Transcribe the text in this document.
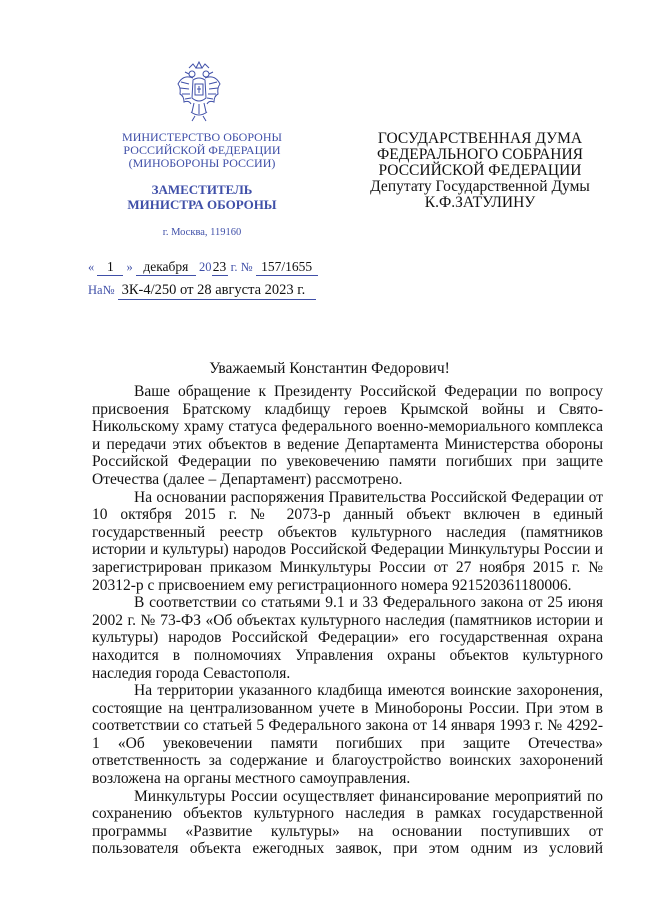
МИНИСТЕРСТВО ОБОРОНЫ
РОССИЙСКОЙ ФЕДЕРАЦИИ
(МИНОБОРОНЫ РОССИИ)
ЗАМЕСТИТЕЛЬ
МИНИСТРА ОБОРОНЫ
г. Москва, 119160
ГОСУДАРСТВЕННАЯ ДУМА
ФЕДЕРАЛЬНОГО СОБРАНИЯ
РОССИЙСКОЙ ФЕДЕРАЦИИ
Депутату Государственной Думы
К.Ф.ЗАТУЛИНУ
« 1 » декабря 2023 г. № 157/1655
На№ 3К-4/250 от 28 августа 2023 г.

Уважаемый Константин Федорович!

Ваше обращение к Президенту Российской Федерации по вопросу присвоения Братскому кладбищу героев Крымской войны и Свято-Никольскому храму статуса федерального военно-мемориального комплекса и передачи этих объектов в ведение Департамента Министерства обороны Российской Федерации по увековечению памяти погибших при защите Отечества (далее – Департамент) рассмотрено.

На основании распоряжения Правительства Российской Федерации от 10 октября 2015 г. № 2073-р данный объект включен в единый государственный реестр объектов культурного наследия (памятников истории и культуры) народов Российской Федерации Минкультуры России и зарегистрирован приказом Минкультуры России от 27 ноября 2015 г. № 20312-р с присвоением ему регистрационного номера 921520361180006.

В соответствии со статьями 9.1 и 33 Федерального закона от 25 июня 2002 г. № 73-ФЗ «Об объектах культурного наследия (памятников истории и культуры) народов Российской Федерации» его государственная охрана находится в полномочиях Управления охраны объектов культурного наследия города Севастополя.

На территории указанного кладбища имеются воинские захоронения, состоящие на централизованном учете в Минобороны России. При этом в соответствии со статьей 5 Федерального закона от 14 января 1993 г. № 4292-1 «Об увековечении памяти погибших при защите Отечества» ответственность за содержание и благоустройство воинских захоронений возложена на органы местного самоуправления.

Минкультуры России осуществляет финансирование мероприятий по сохранению объектов культурного наследия в рамках государственной программы «Развитие культуры» на основании поступивших от пользователя объекта ежегодных заявок, при этом одним из условий
